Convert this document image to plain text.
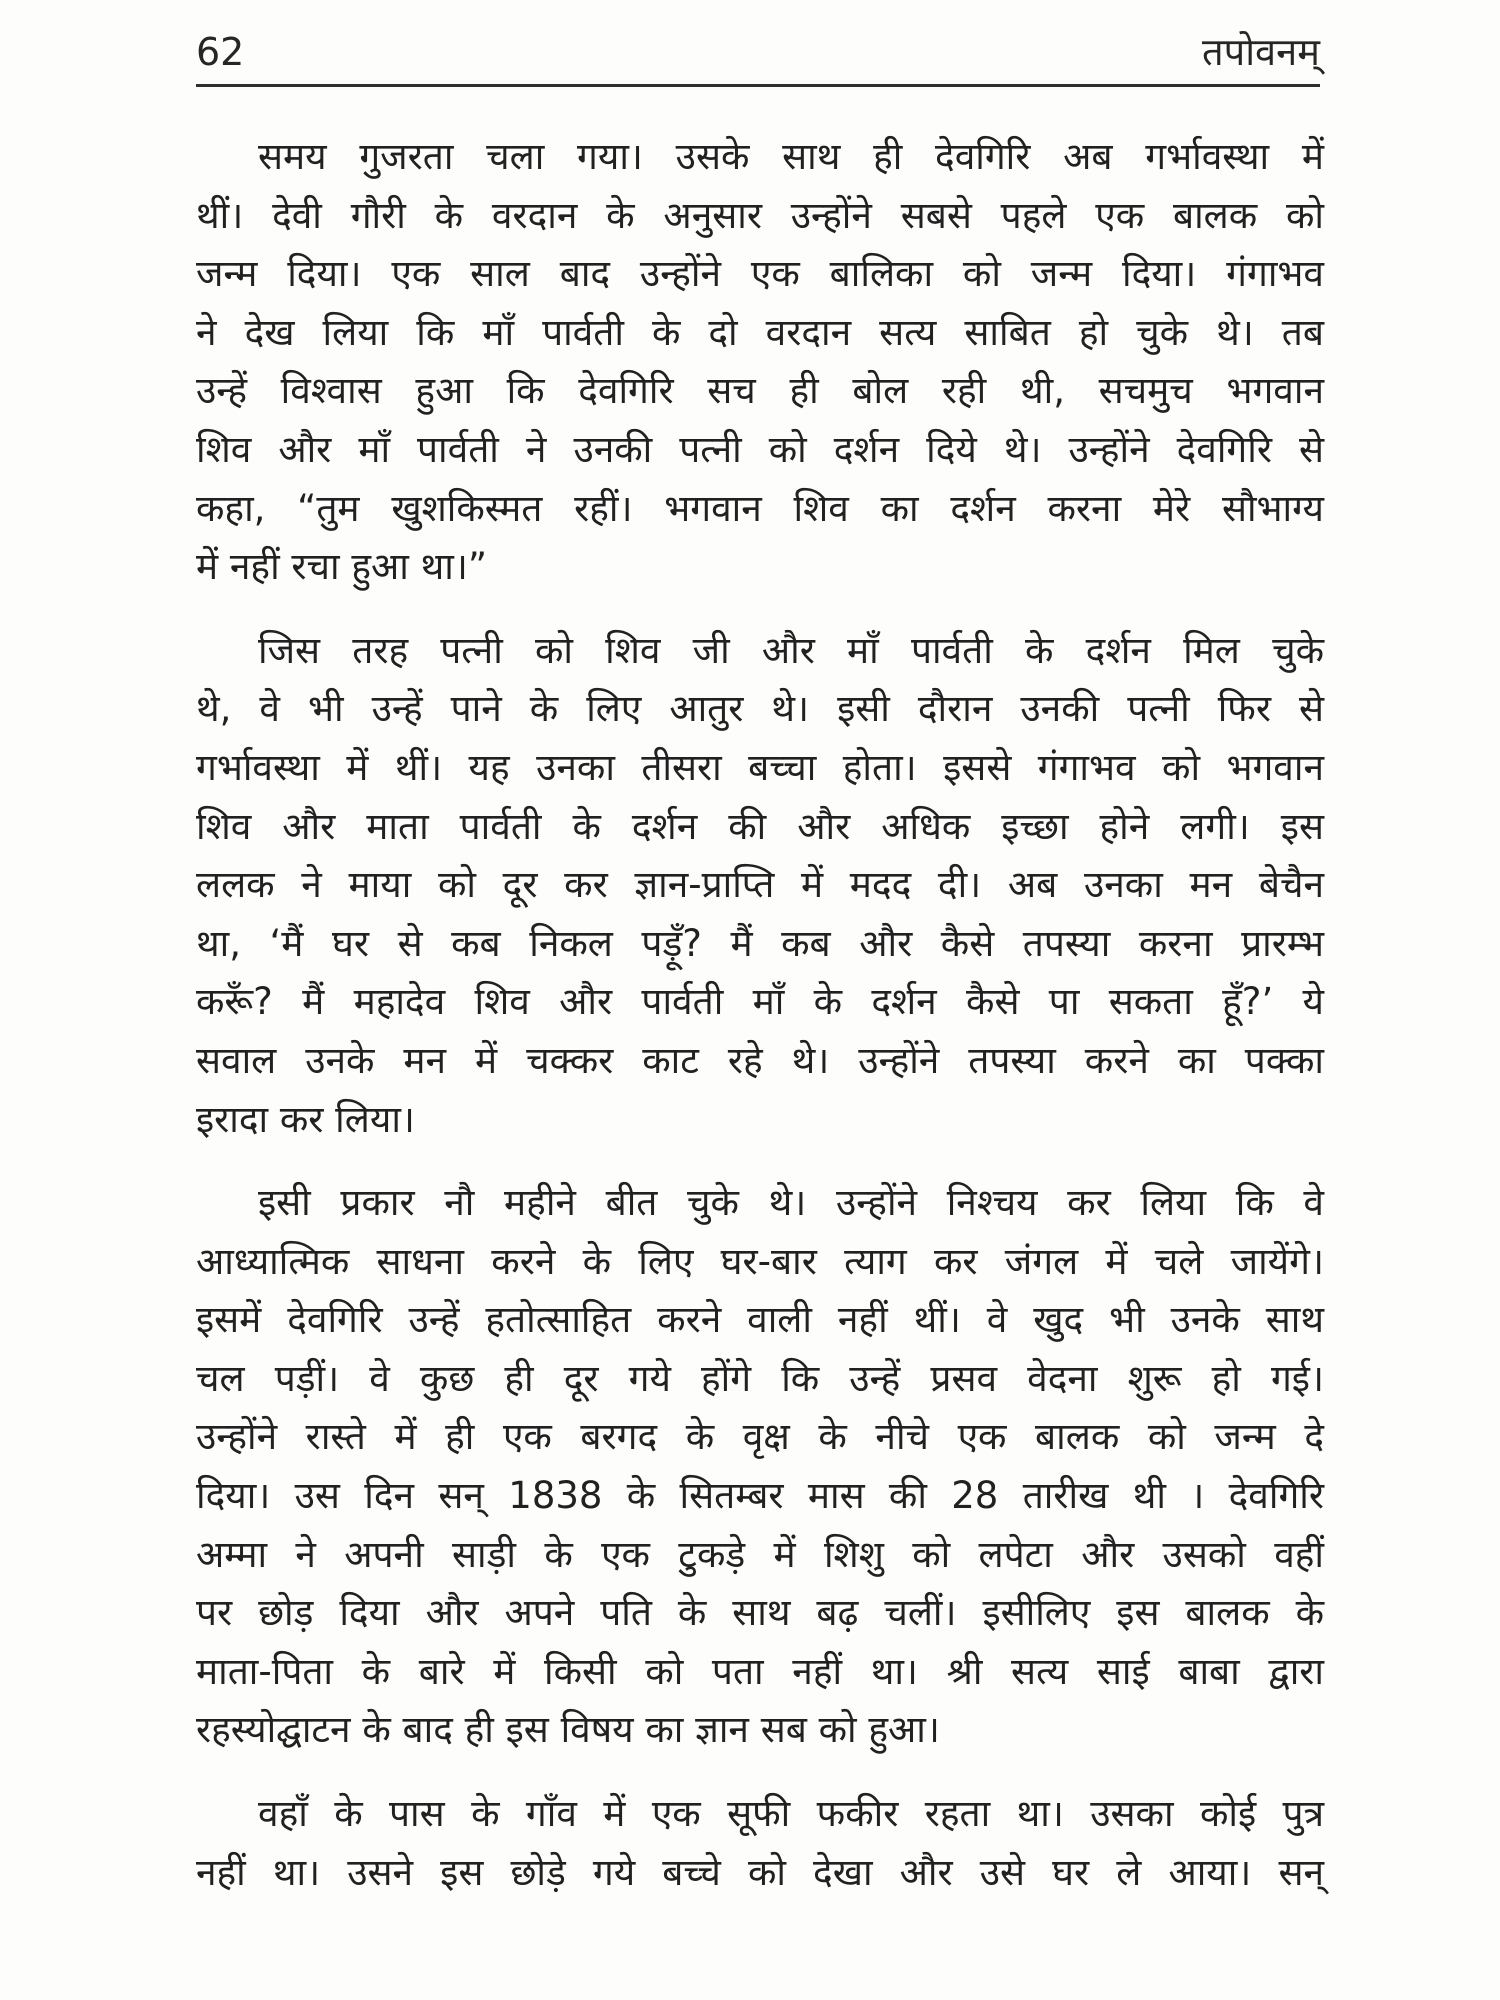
62	तपोवनम्
समय गुजरता चला गया। उसके साथ ही देवगिरि अब गर्भावस्था में
थीं। देवी गौरी के वरदान के अनुसार उन्होंने सबसे पहले एक बालक को
जन्म दिया। एक साल बाद उन्होंने एक बालिका को जन्म दिया। गंगाभव
ने देख लिया कि माँ पार्वती के दो वरदान सत्य साबित हो चुके थे। तब
उन्हें विश्वास हुआ कि देवगिरि सच ही बोल रही थी, सचमुच भगवान
शिव और माँ पार्वती ने उनकी पत्नी को दर्शन दिये थे। उन्होंने देवगिरि से
कहा, “तुम खुशकिस्मत रहीं। भगवान शिव का दर्शन करना मेरे सौभाग्य
में नहीं रचा हुआ था।”
जिस तरह पत्नी को शिव जी और माँ पार्वती के दर्शन मिल चुके
थे, वे भी उन्हें पाने के लिए आतुर थे। इसी दौरान उनकी पत्नी फिर से
गर्भावस्था में थीं। यह उनका तीसरा बच्चा होता। इससे गंगाभव को भगवान
शिव और माता पार्वती के दर्शन की और अधिक इच्छा होने लगी। इस
ललक ने माया को दूर कर ज्ञान-प्राप्ति में मदद दी। अब उनका मन बेचैन
था, ‘मैं घर से कब निकल पड़ूँ? मैं कब और कैसे तपस्या करना प्रारम्भ
करूँ? मैं महादेव शिव और पार्वती माँ के दर्शन कैसे पा सकता हूँ?’ ये
सवाल उनके मन में चक्कर काट रहे थे। उन्होंने तपस्या करने का पक्का
इरादा कर लिया।
इसी प्रकार नौ महीने बीत चुके थे। उन्होंने निश्चय कर लिया कि वे
आध्यात्मिक साधना करने के लिए घर-बार त्याग कर जंगल में चले जायेंगे।
इसमें देवगिरि उन्हें हतोत्साहित करने वाली नहीं थीं। वे खुद भी उनके साथ
चल पड़ीं। वे कुछ ही दूर गये होंगे कि उन्हें प्रसव वेदना शुरू हो गई।
उन्होंने रास्ते में ही एक बरगद के वृक्ष के नीचे एक बालक को जन्म दे
दिया। उस दिन सन् 1838 के सितम्बर मास की 28 तारीख थी । देवगिरि
अम्मा ने अपनी साड़ी के एक टुकड़े में शिशु को लपेटा और उसको वहीं
पर छोड़ दिया और अपने पति के साथ बढ़ चलीं। इसीलिए इस बालक के
माता-पिता के बारे में किसी को पता नहीं था। श्री सत्य साई बाबा द्वारा
रहस्योद्घाटन के बाद ही इस विषय का ज्ञान सब को हुआ।
वहाँ के पास के गाँव में एक सूफी फकीर रहता था। उसका कोई पुत्र
नहीं था। उसने इस छोड़े गये बच्चे को देखा और उसे घर ले आया। सन्
